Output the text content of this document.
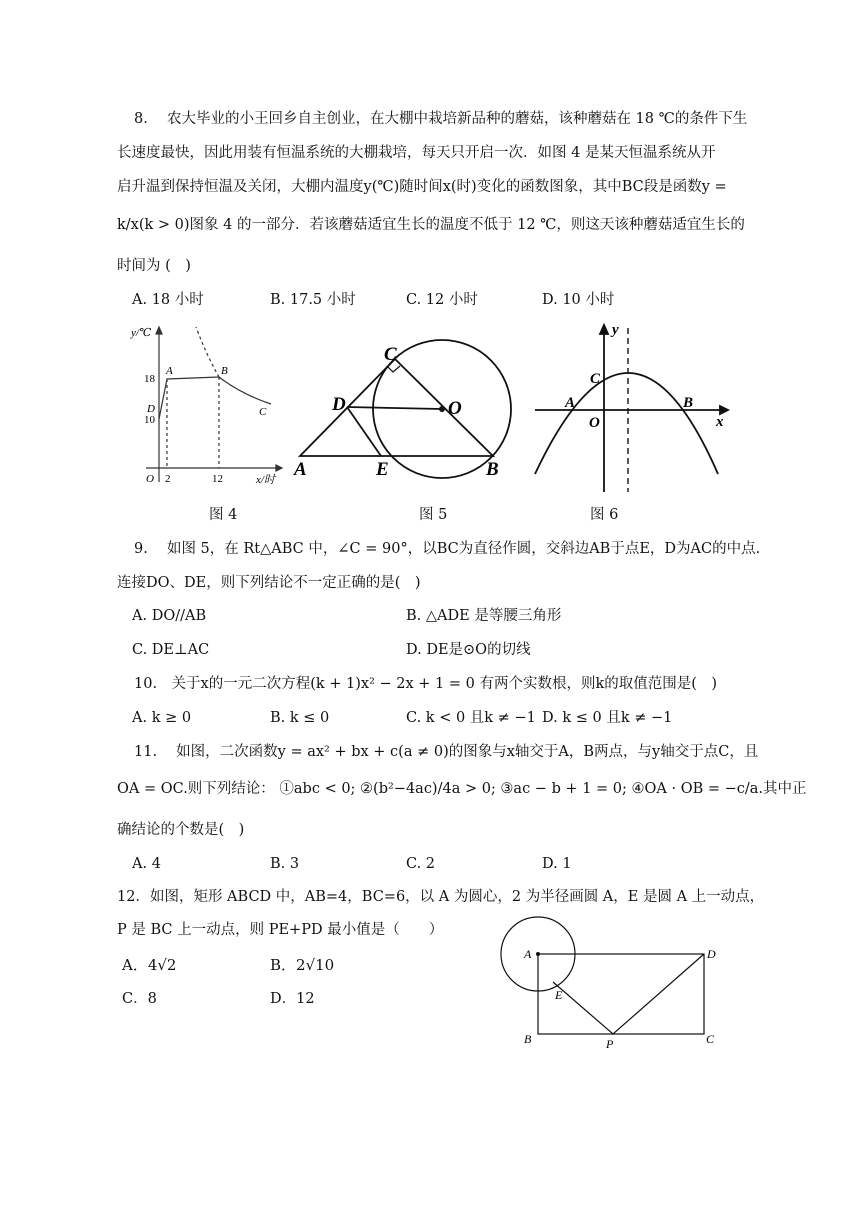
8.　 农大毕业的小王回乡自主创业，在大棚中栽培新品种的蘑菇，该种蘑菇在 18 ℃的条件下生
长速度最快，因此用装有恒温系统的大棚栽培，每天只开启一次．如图 4 是某天恒温系统从开
启升温到保持恒温及关闭，大棚内温度y(℃)随时间x(时)变化的函数图象，其中BC段是函数y =
k/x(k > 0)图象 4 的一部分．若该蘑菇适宜生长的温度不低于 12 ℃，则这天该种蘑菇适宜生长的
时间为 (　)
A. 18 小时	B. 17.5 小时	C. 12 小时	D. 10 小时
y/℃
18
10
D
A	B
C
O 2	12	x/时
图 4
C
D	O
A	E	B
图 5
y
C
A	B
O	x
图 6
9.　 如图 5，在 Rt△ABC 中，∠C = 90°，以BC为直径作圆，交斜边AB于点E，D为AC的中点.
连接DO、DE，则下列结论不一定正确的是(　)
A. DO//AB	B. △ADE 是等腰三角形
C. DE⊥AC	D. DE是⊙O的切线
10.　关于x的一元二次方程(k + 1)x² − 2x + 1 = 0 有两个实数根，则k的取值范围是(　)
A. k ≥ 0	B. k ≤ 0	C. k < 0 且k ≠ −1 D. k ≤ 0 且k ≠ −1
11.　 如图，二次函数y = ax² + bx + c(a ≠ 0)的图象与x轴交于A，B两点，与y轴交于点C，且
OA = OC.则下列结论： ①abc < 0; ②(b²−4ac)/4a > 0; ③ac − b + 1 = 0; ④OA · OB = −c/a.其中正
确结论的个数是(　)
A. 4	B. 3	C. 2	D. 1
12．如图，矩形 ABCD 中，AB=4，BC=6，以 A 为圆心，2 为半径画圆 A，E 是圆 A 上一动点，
P 是 BC 上一动点，则 PE+PD 最小值是（　　）
A．4√2	B．2√10
C．8	D．12
A	D
E
B	P	C
